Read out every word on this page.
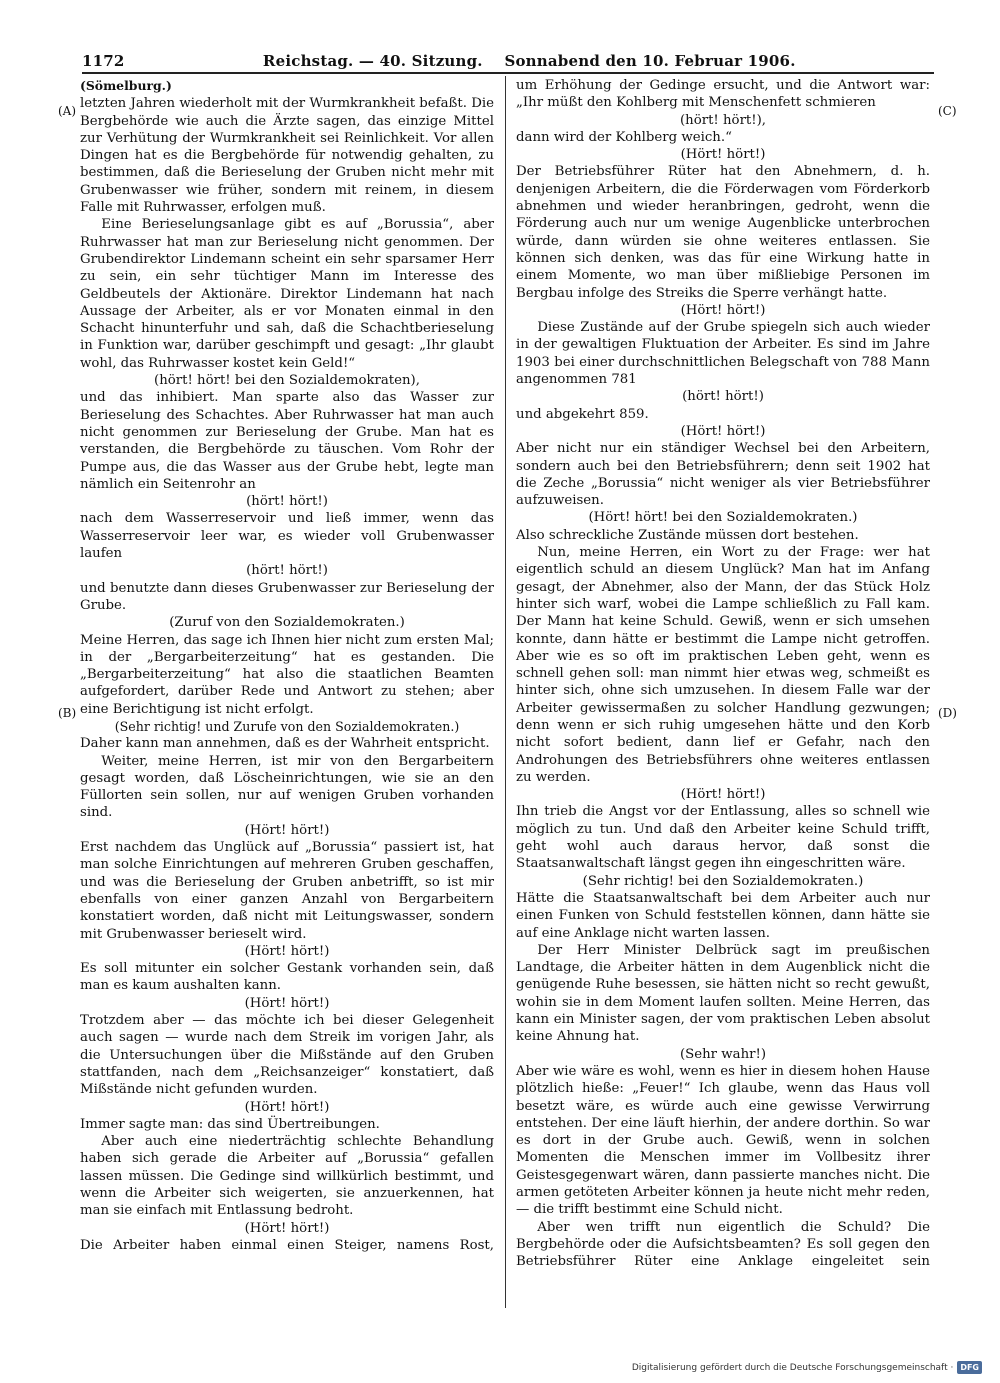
1172	Reichstag. — 40. Sitzung. Sonnabend den 10. Februar 1906.
(A)
(B)
(C)
(D)

(Sömelburg.)

letzten Jahren wiederholt mit der Wurmkrankheit befaßt. Die Bergbehörde wie auch die Ärzte sagen, das einzige Mittel zur Verhütung der Wurmkrankheit sei Reinlichkeit. Vor allen Dingen hat es die Bergbehörde für notwendig gehalten, zu bestimmen, daß die Berieselung der Gruben nicht mehr mit Grubenwasser wie früher, sondern mit reinem, in diesem Falle mit Ruhrwasser, erfolgen muß.

Eine Berieselungsanlage gibt es auf „Borussia“, aber Ruhrwasser hat man zur Berieselung nicht genommen. Der Grubendirektor Lindemann scheint ein sehr sparsamer Herr zu sein, ein sehr tüchtiger Mann im Interesse des Geldbeutels der Aktionäre. Direktor Lindemann hat nach Aussage der Arbeiter, als er vor Monaten einmal in den Schacht hinunterfuhr und sah, daß die Schachtberieselung in Funktion war, darüber geschimpft und gesagt: „Ihr glaubt wohl, das Ruhrwasser kostet kein Geld!“

(hört! hört! bei den Sozialdemokraten),

und das inhibiert. Man sparte also das Wasser zur Berieselung des Schachtes. Aber Ruhrwasser hat man auch nicht genommen zur Berieselung der Grube. Man hat es verstanden, die Bergbehörde zu täuschen. Vom Rohr der Pumpe aus, die das Wasser aus der Grube hebt, legte man nämlich ein Seitenrohr an

(hört! hört!)

nach dem Wasserreservoir und ließ immer, wenn das Wasserreservoir leer war, es wieder voll Grubenwasser laufen

(hört! hört!)

und benutzte dann dieses Grubenwasser zur Berieselung der Grube.

(Zuruf von den Sozialdemokraten.)

Meine Herren, das sage ich Ihnen hier nicht zum ersten Mal; in der „Bergarbeiterzeitung“ hat es gestanden. Die „Bergarbeiterzeitung“ hat also die staatlichen Beamten aufgefordert, darüber Rede und Antwort zu stehen; aber eine Berichtigung ist nicht erfolgt.

(Sehr richtig! und Zurufe von den Sozialdemokraten.)

Daher kann man annehmen, daß es der Wahrheit entspricht.

Weiter, meine Herren, ist mir von den Bergarbeitern gesagt worden, daß Löscheinrichtungen, wie sie an den Füllorten sein sollen, nur auf wenigen Gruben vorhanden sind.

(Hört! hört!)

Erst nachdem das Unglück auf „Borussia“ passiert ist, hat man solche Einrichtungen auf mehreren Gruben geschaffen, und was die Berieselung der Gruben anbetrifft, so ist mir ebenfalls von einer ganzen Anzahl von Bergarbeitern konstatiert worden, daß nicht mit Leitungswasser, sondern mit Grubenwasser berieselt wird.

(Hört! hört!)

Es soll mitunter ein solcher Gestank vorhanden sein, daß man es kaum aushalten kann.

(Hört! hört!)

Trotzdem aber — das möchte ich bei dieser Gelegenheit auch sagen — wurde nach dem Streik im vorigen Jahr, als die Untersuchungen über die Mißstände auf den Gruben stattfanden, nach dem „Reichsanzeiger“ konstatiert, daß Mißstände nicht gefunden wurden.

(Hört! hört!)

Immer sagte man: das sind Übertreibungen.

Aber auch eine niederträchtig schlechte Behandlung haben sich gerade die Arbeiter auf „Borussia“ gefallen lassen müssen. Die Gedinge sind willkürlich bestimmt, und wenn die Arbeiter sich weigerten, sie anzuerkennen, hat man sie einfach mit Entlassung bedroht.

(Hört! hört!)

Die Arbeiter haben einmal einen Steiger, namens Rost,

um Erhöhung der Gedinge ersucht, und die Antwort war: „Ihr müßt den Kohlberg mit Menschenfett schmieren

(hört! hört!),

dann wird der Kohlberg weich.“

(Hört! hört!)

Der Betriebsführer Rüter hat den Abnehmern, d. h. denjenigen Arbeitern, die die Förderwagen vom Förderkorb abnehmen und wieder heranbringen, gedroht, wenn die Förderung auch nur um wenige Augenblicke unterbrochen würde, dann würden sie ohne weiteres entlassen. Sie können sich denken, was das für eine Wirkung hatte in einem Momente, wo man über mißliebige Personen im Bergbau infolge des Streiks die Sperre verhängt hatte.

(Hört! hört!)

Diese Zustände auf der Grube spiegeln sich auch wieder in der gewaltigen Fluktuation der Arbeiter. Es sind im Jahre 1903 bei einer durchschnittlichen Belegschaft von 788 Mann angenommen 781

(hört! hört!)

und abgekehrt 859.

(Hört! hört!)

Aber nicht nur ein ständiger Wechsel bei den Arbeitern, sondern auch bei den Betriebsführern; denn seit 1902 hat die Zeche „Borussia“ nicht weniger als vier Betriebsführer aufzuweisen.

(Hört! hört! bei den Sozialdemokraten.)

Also schreckliche Zustände müssen dort bestehen.

Nun, meine Herren, ein Wort zu der Frage: wer hat eigentlich schuld an diesem Unglück? Man hat im Anfang gesagt, der Abnehmer, also der Mann, der das Stück Holz hinter sich warf, wobei die Lampe schließlich zu Fall kam. Der Mann hat keine Schuld. Gewiß, wenn er sich umsehen konnte, dann hätte er bestimmt die Lampe nicht getroffen. Aber wie es so oft im praktischen Leben geht, wenn es schnell gehen soll: man nimmt hier etwas weg, schmeißt es hinter sich, ohne sich umzusehen. In diesem Falle war der Arbeiter gewissermaßen zu solcher Handlung gezwungen; denn wenn er sich ruhig umgesehen hätte und den Korb nicht sofort bedient, dann lief er Gefahr, nach den Androhungen des Betriebsführers ohne weiteres entlassen zu werden.

(Hört! hört!)

Ihn trieb die Angst vor der Entlassung, alles so schnell wie möglich zu tun. Und daß den Arbeiter keine Schuld trifft, geht wohl auch daraus hervor, daß sonst die Staatsanwaltschaft längst gegen ihn eingeschritten wäre.

(Sehr richtig! bei den Sozialdemokraten.)

Hätte die Staatsanwaltschaft bei dem Arbeiter auch nur einen Funken von Schuld feststellen können, dann hätte sie auf eine Anklage nicht warten lassen.

Der Herr Minister Delbrück sagt im preußischen Landtage, die Arbeiter hätten in dem Augenblick nicht die genügende Ruhe besessen, sie hätten nicht so recht gewußt, wohin sie in dem Moment laufen sollten. Meine Herren, das kann ein Minister sagen, der vom praktischen Leben absolut keine Ahnung hat.

(Sehr wahr!)

Aber wie wäre es wohl, wenn es hier in diesem hohen Hause plötzlich hieße: „Feuer!“ Ich glaube, wenn das Haus voll besetzt wäre, es würde auch eine gewisse Verwirrung entstehen. Der eine läuft hierhin, der andere dorthin. So war es dort in der Grube auch. Gewiß, wenn in solchen Momenten die Menschen immer im Vollbesitz ihrer Geistesgegenwart wären, dann passierte manches nicht. Die armen getöteten Arbeiter können ja heute nicht mehr reden, — die trifft bestimmt eine Schuld nicht.

Aber wen trifft nun eigentlich die Schuld? Die Bergbehörde oder die Aufsichtsbeamten? Es soll gegen den Betriebsführer Rüter eine Anklage eingeleitet sein

Digitalisierung gefördert durch die Deutsche Forschungsgemeinschaft · DFG
